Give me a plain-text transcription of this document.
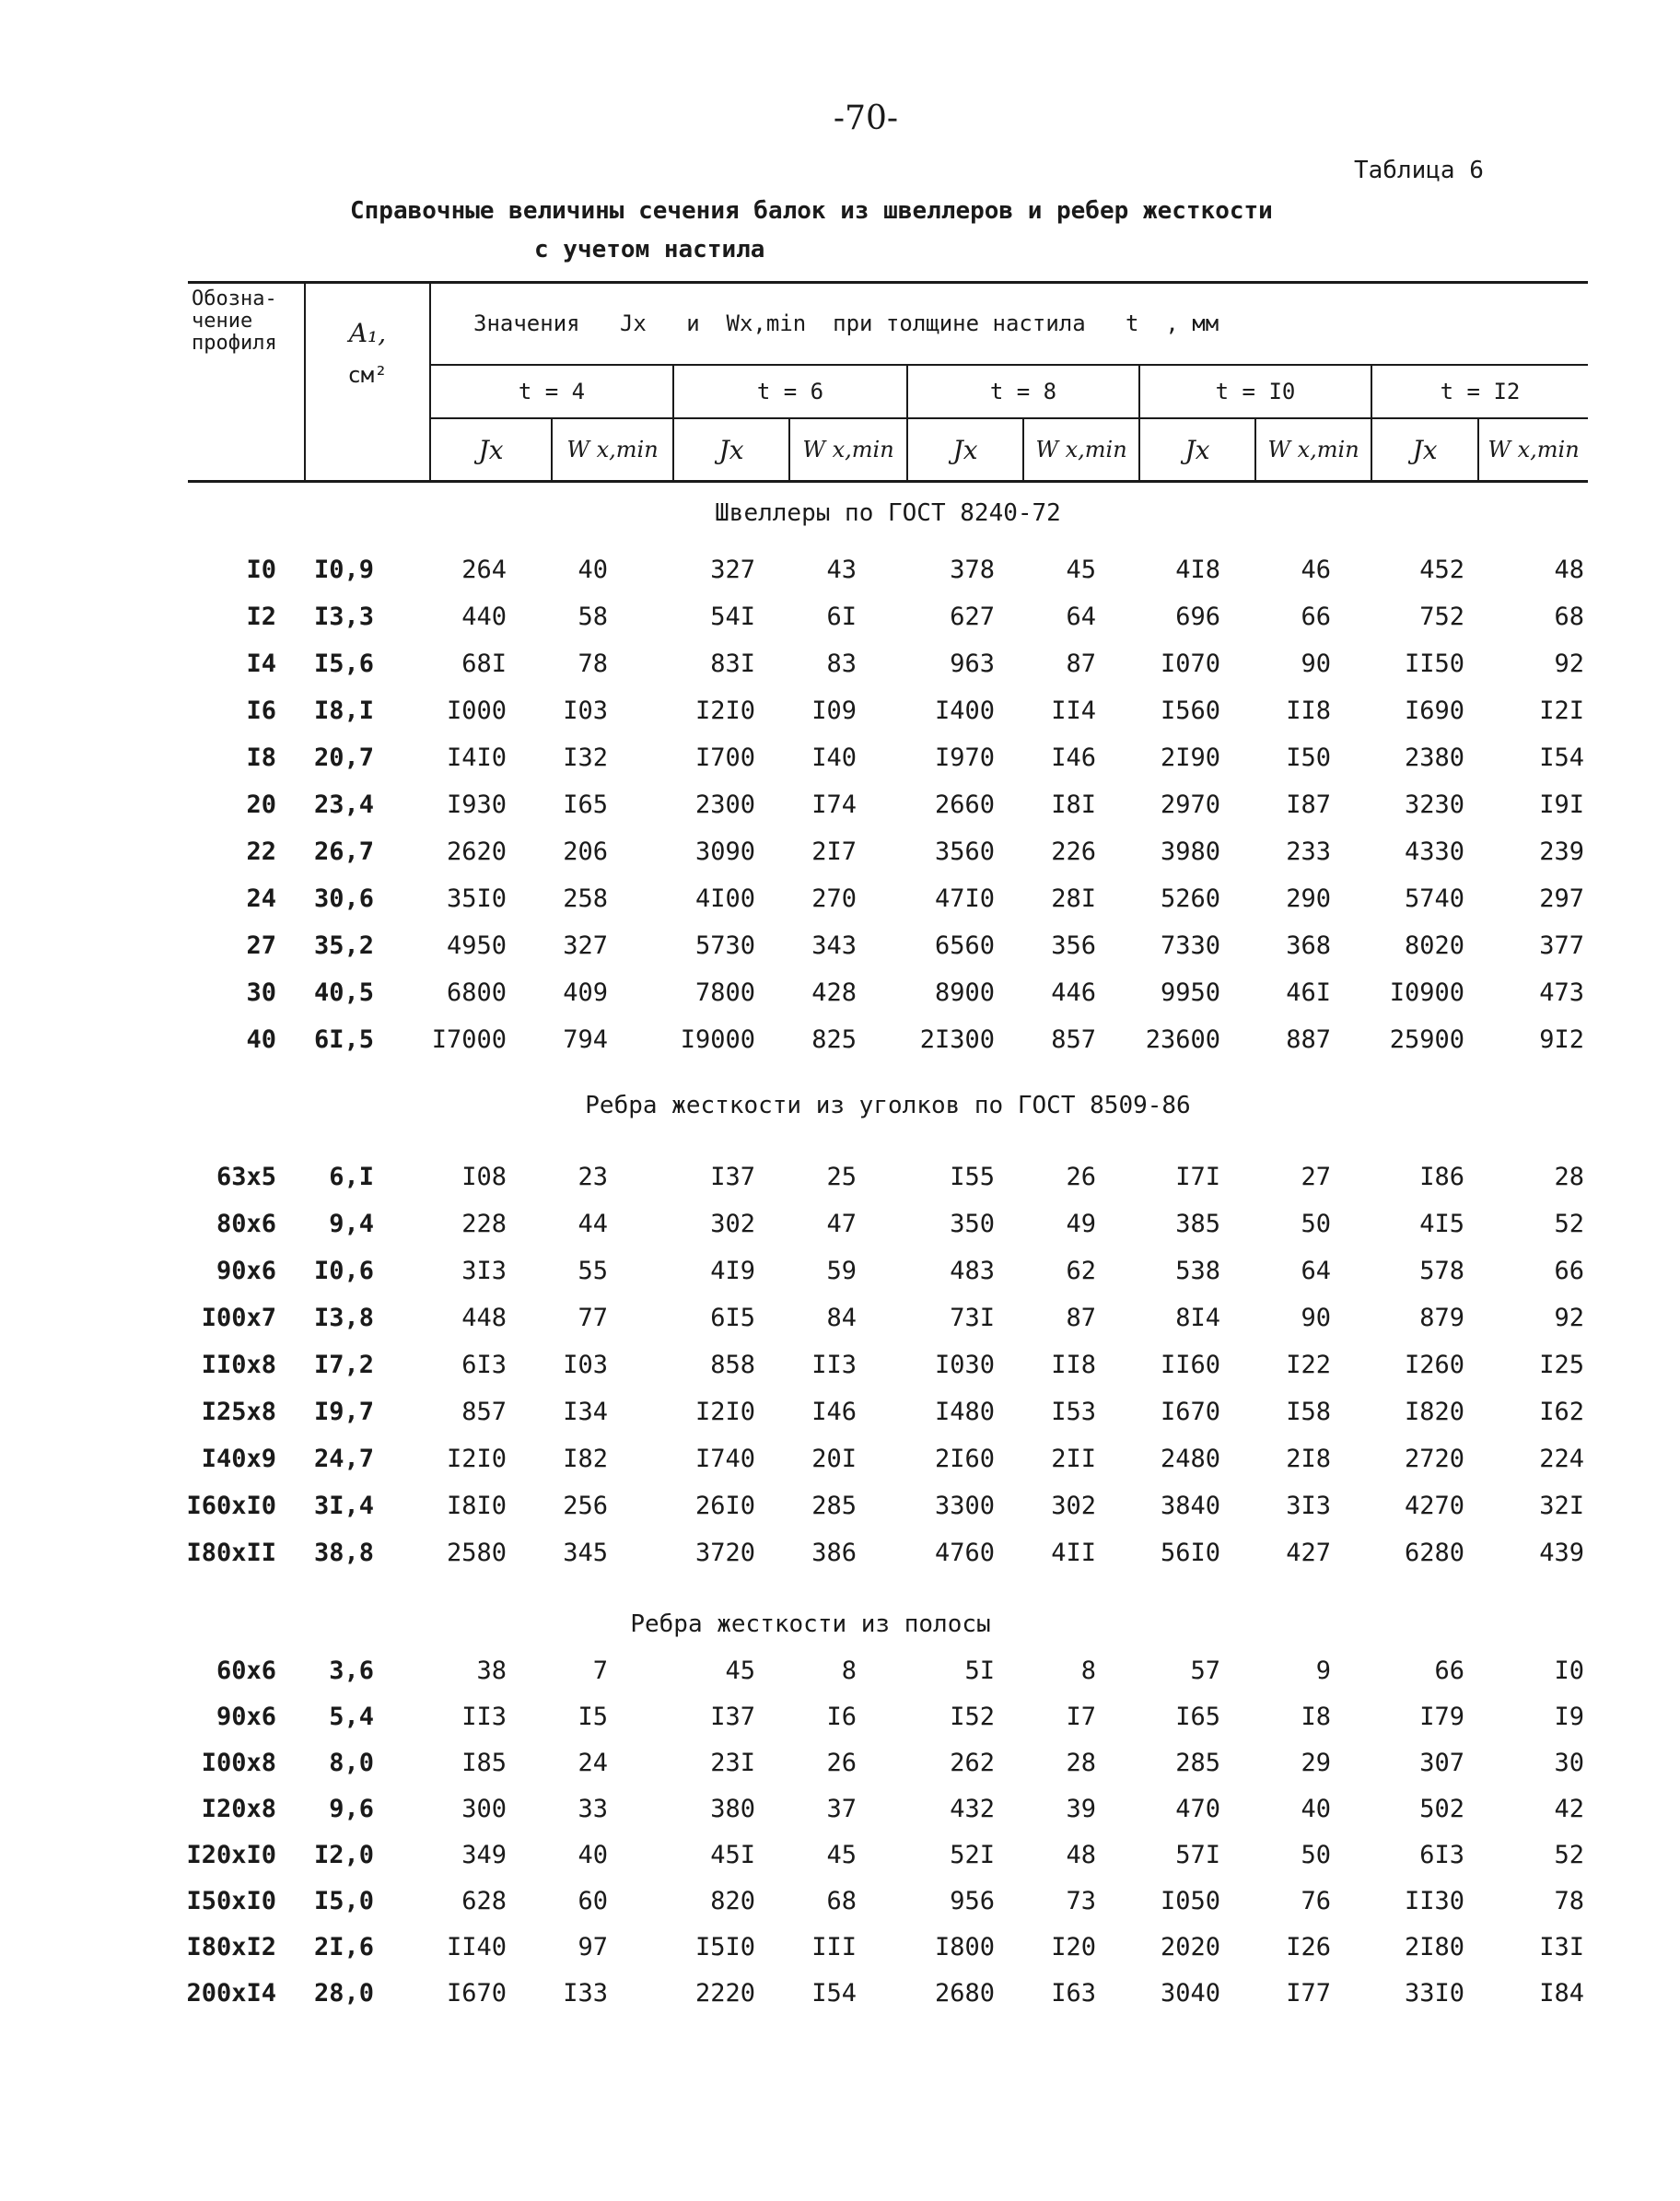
-70-
Таблица 6
Справочные величины сечения балок из швеллеров и ребер жесткости
с учетом настила
Обозна-
чение
профиля	A₁,
см²
Значения   Jx   и  Wx,min  при толщине настила   t  , мм
t = 4	t = 6	t = 8	t = I0	t = I2
Jx	W x,min	Jx	W x,min	Jx	W x,min	Jx	W x,min	Jx	W x,min
Швеллеры по ГОСТ 8240-72
Ребра жесткости из уголков по ГОСТ 8509-86
Ребра жесткости из полосы
I0	I0,9	264	40	327	43	378	45	4I8	46	452	48
I2	I3,3	440	58	54I	6I	627	64	696	66	752	68
I4	I5,6	68I	78	83I	83	963	87	I070	90	II50	92
I6	I8,I	I000	I03	I2I0	I09	I400	II4	I560	II8	I690	I2I
I8	20,7	I4I0	I32	I700	I40	I970	I46	2I90	I50	2380	I54
20	23,4	I930	I65	2300	I74	2660	I8I	2970	I87	3230	I9I
22	26,7	2620	206	3090	2I7	3560	226	3980	233	4330	239
24	30,6	35I0	258	4I00	270	47I0	28I	5260	290	5740	297
27	35,2	4950	327	5730	343	6560	356	7330	368	8020	377
30	40,5	6800	409	7800	428	8900	446	9950	46I	I0900	473
40	6I,5	I7000	794	I9000	825	2I300	857	23600	887	25900	9I2
63x5	6,I	I08	23	I37	25	I55	26	I7I	27	I86	28
80x6	9,4	228	44	302	47	350	49	385	50	4I5	52
90x6	I0,6	3I3	55	4I9	59	483	62	538	64	578	66
I00x7	I3,8	448	77	6I5	84	73I	87	8I4	90	879	92
II0x8	I7,2	6I3	I03	858	II3	I030	II8	II60	I22	I260	I25
I25x8	I9,7	857	I34	I2I0	I46	I480	I53	I670	I58	I820	I62
I40x9	24,7	I2I0	I82	I740	20I	2I60	2II	2480	2I8	2720	224
I60xI0	3I,4	I8I0	256	26I0	285	3300	302	3840	3I3	4270	32I
I80xII	38,8	2580	345	3720	386	4760	4II	56I0	427	6280	439
60x6	3,6	38	7	45	8	5I	8	57	9	66	I0
90x6	5,4	II3	I5	I37	I6	I52	I7	I65	I8	I79	I9
I00x8	8,0	I85	24	23I	26	262	28	285	29	307	30
I20x8	9,6	300	33	380	37	432	39	470	40	502	42
I20xI0	I2,0	349	40	45I	45	52I	48	57I	50	6I3	52
I50xI0	I5,0	628	60	820	68	956	73	I050	76	II30	78
I80xI2	2I,6	II40	97	I5I0	III	I800	I20	2020	I26	2I80	I3I
200xI4	28,0	I670	I33	2220	I54	2680	I63	3040	I77	33I0	I84
